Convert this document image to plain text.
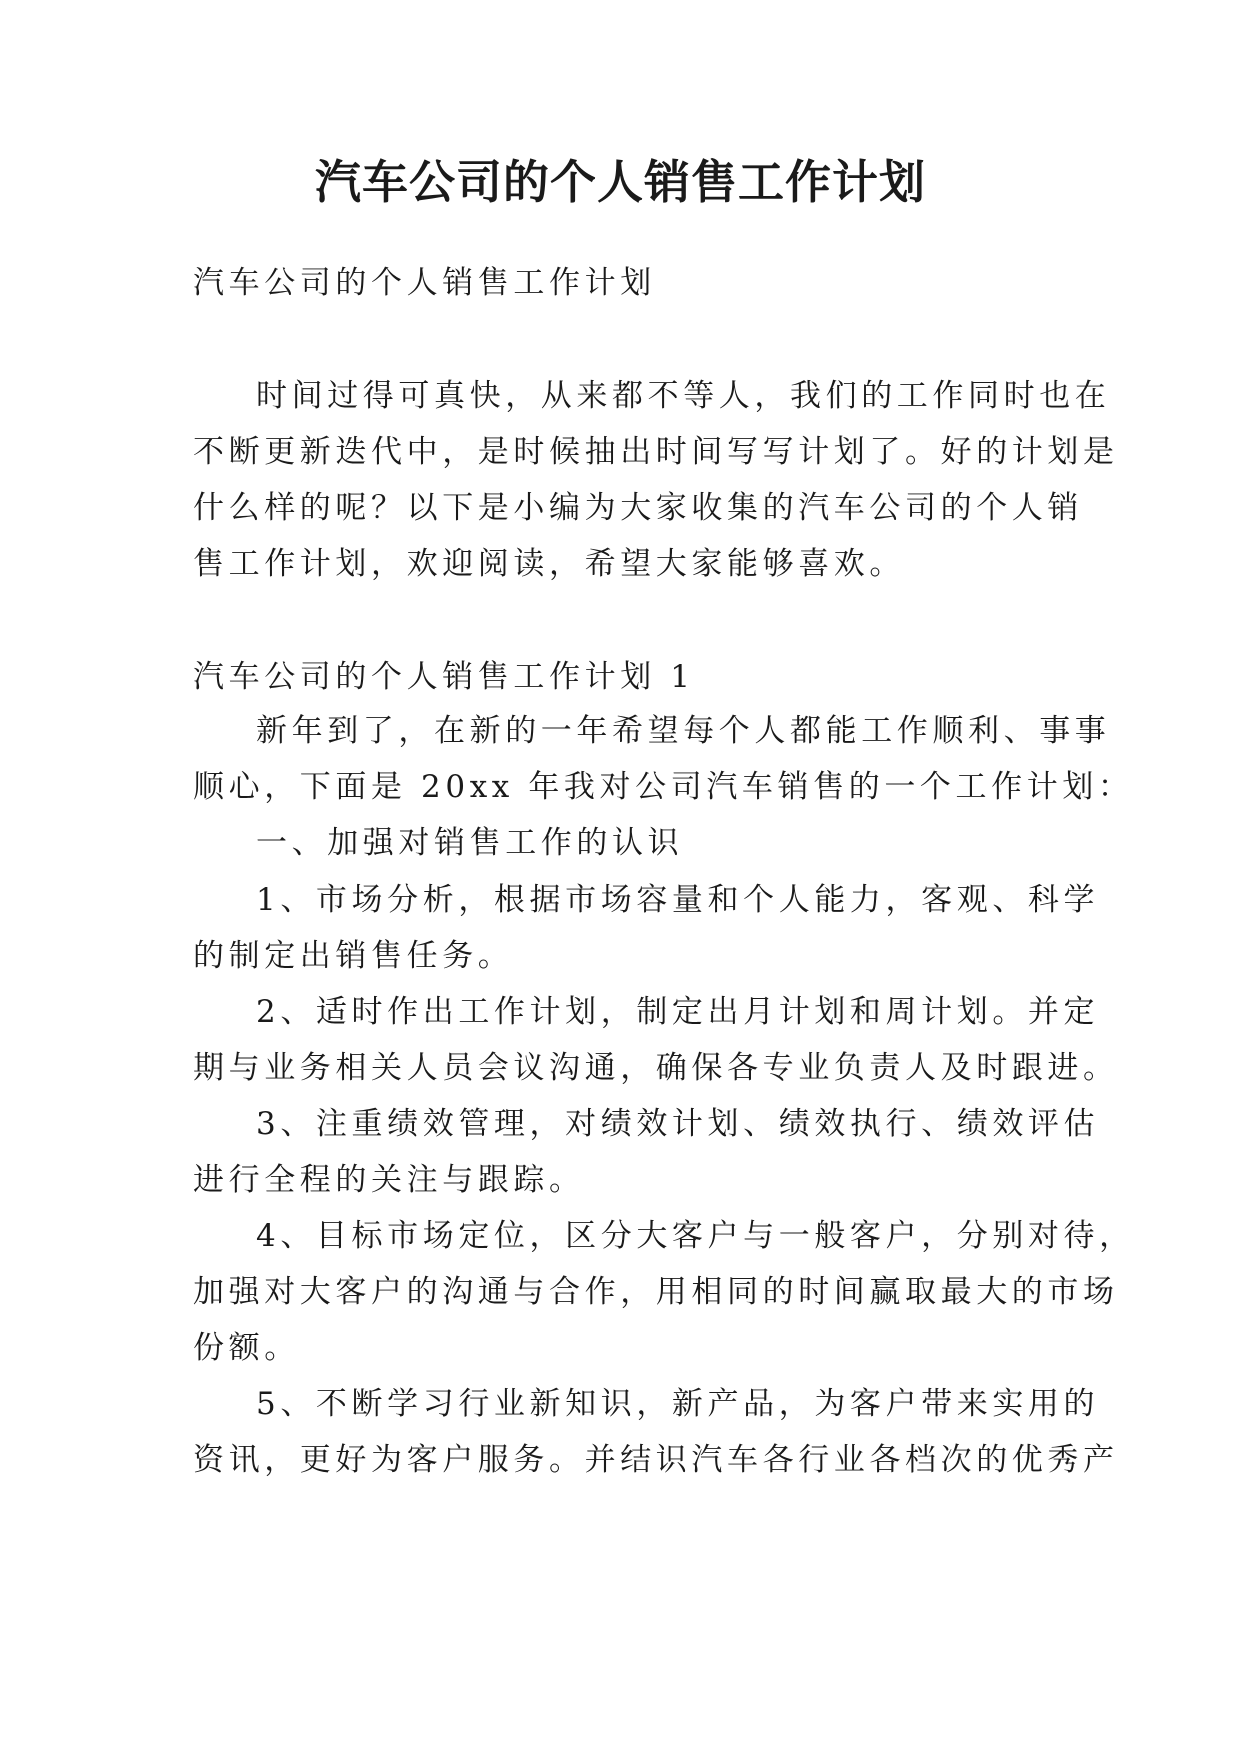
汽车公司的个人销售工作计划
汽车公司的个人销售工作计划
时间过得可真快，从来都不等人，我们的工作同时也在
不断更新迭代中，是时候抽出时间写写计划了。好的计划是
什么样的呢？以下是小编为大家收集的汽车公司的个人销
售工作计划，欢迎阅读，希望大家能够喜欢。
汽车公司的个人销售工作计划 1
新年到了，在新的一年希望每个人都能工作顺利、事事
顺心，下面是 20xx 年我对公司汽车销售的一个工作计划：
一、加强对销售工作的认识
1、市场分析，根据市场容量和个人能力，客观、科学
的制定出销售任务。
2、适时作出工作计划，制定出月计划和周计划。并定
期与业务相关人员会议沟通，确保各专业负责人及时跟进。
3、注重绩效管理，对绩效计划、绩效执行、绩效评估
进行全程的关注与跟踪。
4、目标市场定位，区分大客户与一般客户，分别对待，
加强对大客户的沟通与合作，用相同的时间赢取最大的市场
份额。
5、不断学习行业新知识，新产品，为客户带来实用的
资讯，更好为客户服务。并结识汽车各行业各档次的优秀产
